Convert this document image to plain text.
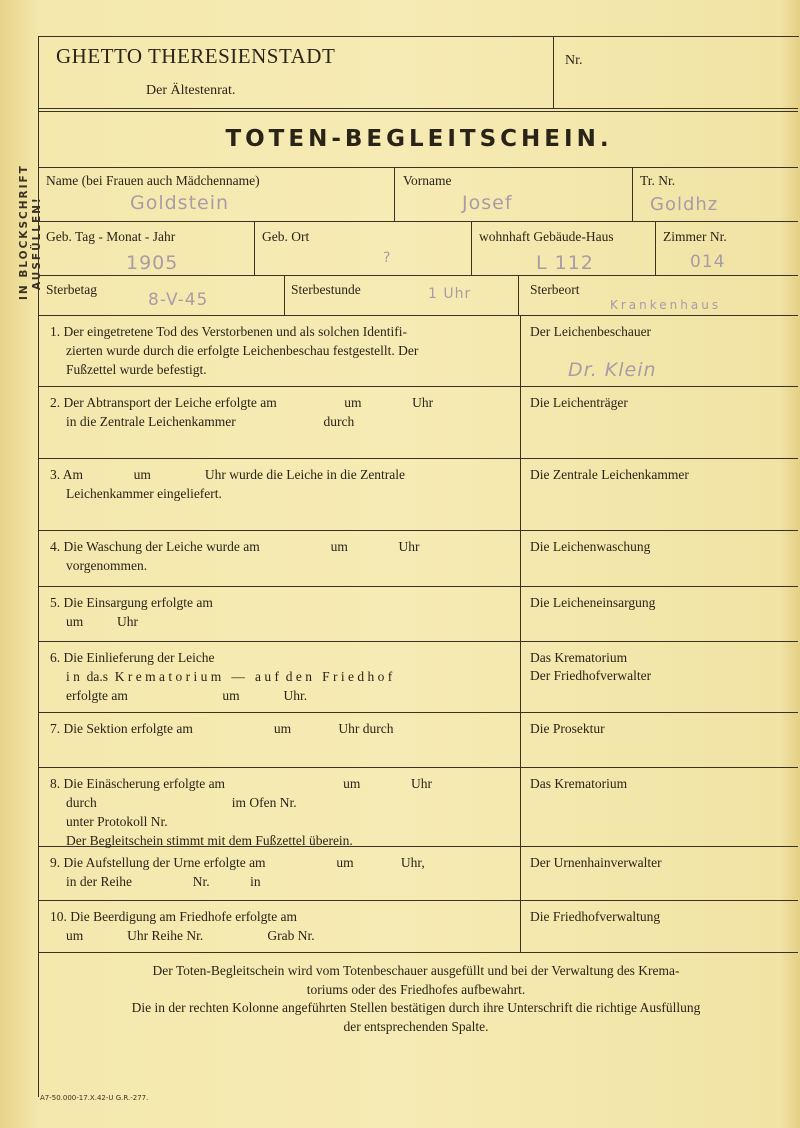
IN BLOCKSCHRIFT AUSFÜLLEN!
GHETTO THERESIENSTADT
Der Ältestenrat.
Nr.
TOTEN-BEGLEITSCHEIN.
Name (bei Frauen auch Mädchenname)
Goldstein
Vorname
Josef
Tr. Nr.
Goldhz
Geb. Tag - Monat - Jahr
1905
Geb. Ort
?
wohnhaft Gebäude-Haus
L 112
Zimmer Nr.
014
Sterbetag
8-V-45
Sterbestunde	1 Uhr	Sterbeort
Krankenhaus
1. Der eingetretene Tod des Verstorbenen und als solchen Identifi-
zierten wurde durch die erfolgte Leichenbeschau festgestellt. Der
Fußzettel wurde befestigt.
Der Leichenbeschauer
Dr. Klein
2. Der Abtransport der Leiche erfolgte am                    um               Uhr
in die Zentrale Leichenkammer                          durch
Die Leichenträger
3. Am               um                Uhr wurde die Leiche in die Zentrale
Leichenkammer eingeliefert.
Die Zentrale Leichenkammer
4. Die Waschung der Leiche wurde am                     um               Uhr
vorgenommen.
Die Leichenwaschung
5. Die Einsargung erfolgte am
um          Uhr
Die Leicheneinsargung
6. Die Einlieferung der Leiche
i n  da.s  K r e m a t o r i u m   —   a u f  d e n   F r i e d h o f
erfolgte am                            um             Uhr.
Das Krematorium
Der Friedhofverwalter
7. Die Sektion erfolgte am                        um              Uhr durch	Die Prosektur
8. Die Einäscherung erfolgte am                                   um               Uhr
durch                                        im Ofen Nr.
unter Protokoll Nr.
Der Begleitschein stimmt mit dem Fußzettel überein.
Das Krematorium
9. Die Aufstellung der Urne erfolgte am                     um              Uhr,
in der Reihe                  Nr.            in
Der Urnenhainverwalter
10. Die Beerdigung am Friedhofe erfolgte am
um             Uhr Reihe Nr.                   Grab Nr.
Die Friedhofverwaltung
Der Toten-Begleitschein wird vom Totenbeschauer ausgefüllt und bei der Verwaltung des Krema-
toriums oder des Friedhofes aufbewahrt.
Die in der rechten Kolonne angeführten Stellen bestätigen durch ihre Unterschrift die richtige Ausfüllung
der entsprechenden Spalte.
A7-50.000-17.X.42-U G.R.-277.
